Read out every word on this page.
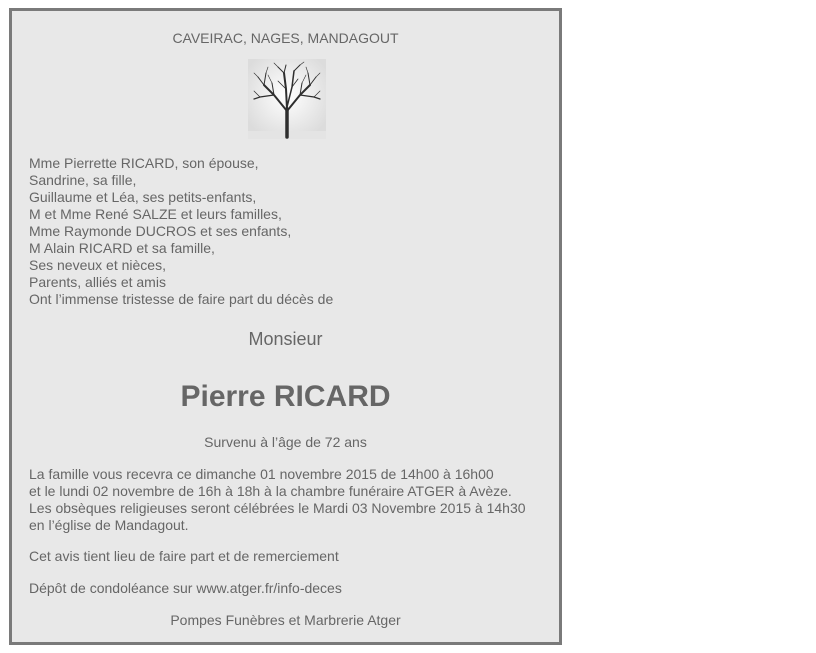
CAVEIRAC, NAGES, MANDAGOUT
Mme Pierrette RICARD, son épouse,
Sandrine, sa fille,
Guillaume et Léa, ses petits-enfants,
M et Mme René SALZE et leurs familles,
Mme Raymonde DUCROS et ses enfants,
M Alain RICARD et sa famille,
Ses neveux et nièces,
Parents, alliés et amis
Ont l’immense tristesse de faire part du décès de
Monsieur
Pierre RICARD
Survenu à l’âge de 72 ans
La famille vous recevra ce dimanche 01 novembre 2015 de 14h00 à 16h00
et le lundi 02 novembre de 16h à 18h à la chambre funéraire ATGER à Avèze.
Les obsèques religieuses seront célébrées le Mardi 03 Novembre 2015 à 14h30
en l’église de Mandagout.
Cet avis tient lieu de faire part et de remerciement
Dépôt de condoléance sur www.atger.fr/info-deces
Pompes Funèbres et Marbrerie Atger
